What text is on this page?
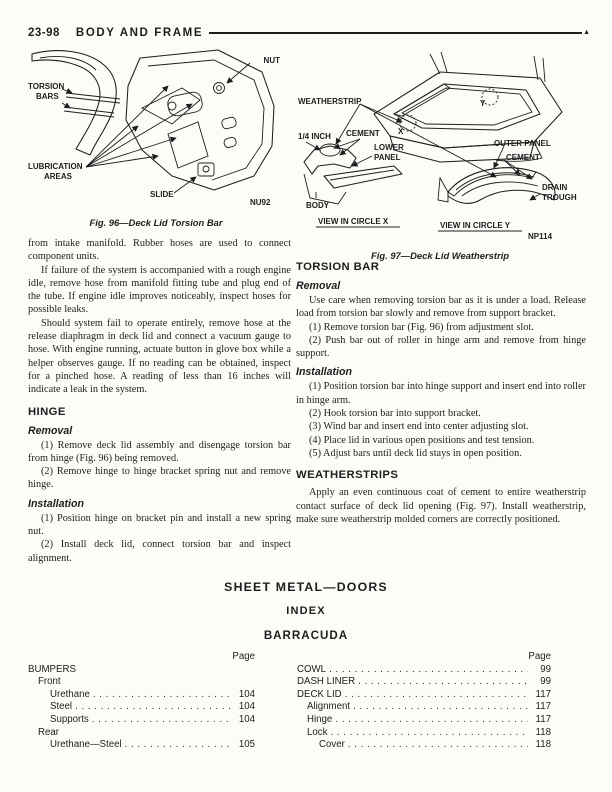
23-98 BODY AND FRAME	▲
NUT
TORSION
BARS
LUBRICATION
AREAS
SLIDE
NU92
Fig. 96—Deck Lid Torsion Bar
WEATHERSTRIP
1/4 INCH CEMENT
LOWER
PANEL
BODY
VIEW IN CIRCLE X
OUTER PANEL
CEMENT
DRAIN
TROUGH
VIEW IN CIRCLE Y
NP114
X
Y
Fig. 97—Deck Lid Weatherstrip
from intake manifold. Rubber hoses are used to connect component units.
If failure of the system is accompanied with a rough engine idle, remove hose from manifold fitting tube and plug end of the tube. If engine idle improves noticeably, inspect hoses for possible leaks.
Should system fail to operate entirely, remove hose at the release diaphragm in deck lid and connect a vacuum gauge to hose. With engine running, actuate button in glove box while a helper observes gauge. If no reading can be obtained, inspect for a pinched hose. A reading of less than 16 inches will indicate a leak in the system.
HINGE
Removal
(1) Remove deck lid assembly and disengage torsion bar from hinge (Fig. 96) being removed.
(2) Remove hinge to hinge bracket spring nut and remove hinge.
Installation
(1) Position hinge on bracket pin and install a new spring nut.
(2) Install deck lid, connect torsion bar and inspect alignment.
TORSION BAR
Removal
Use care when removing torsion bar as it is under a load. Release load from torsion bar slowly and remove from support bracket.
(1) Remove torsion bar (Fig. 96) from adjustment slot.
(2) Push bar out of roller in hinge arm and remove from hinge support.
Installation
(1) Position torsion bar into hinge support and insert end into roller in hinge arm.
(2) Hook torsion bar into support bracket.
(3) Wind bar and insert end into center adjusting slot.
(4) Place lid in various open positions and test tension.
(5) Adjust bars until deck lid stays in open position.
WEATHERSTRIPS
Apply an even continuous coat of cement to entire weatherstrip contact surface of deck lid opening (Fig. 97). Install weatherstrip, make sure weatherstrip molded corners are correctly positioned.
SHEET METAL—DOORS
INDEX
BARRACUDA
Page
BUMPERS
Front
Urethane . . .	104
Steel . . .	104
Supports . . .	104
Rear
Urethane—Steel . . .	105
Page
COWL . . .	99
DASH LINER . . .	99
DECK LID . . .	117
Alignment . . .	117
Hinge . . .	117
Lock . . .	118
Cover . . .	118
